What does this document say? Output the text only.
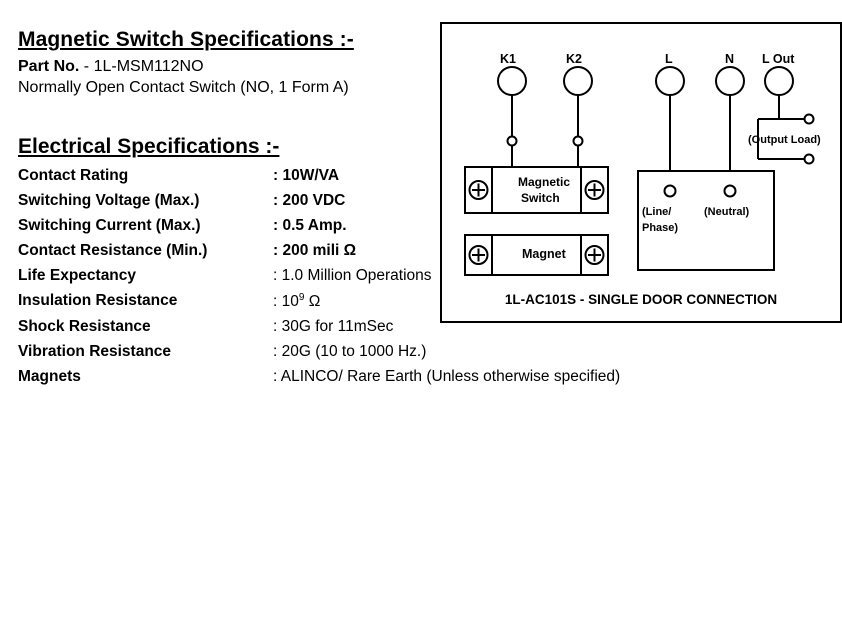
Magnetic Switch Specifications :-
Part No. - 1L-MSM112NO
Normally Open Contact Switch (NO, 1 Form A)
Electrical Specifications :-
Contact Rating	: 10W/VA
Switching Voltage (Max.)	: 200 VDC
Switching Current (Max.)	: 0.5 Amp.
Contact Resistance (Min.)	: 200 mili Ω
Life Expectancy	: 1.0 Million Operations
Insulation Resistance	: $10^9$ Ω
Shock Resistance	: 30G for 11mSec
Vibration Resistance	: 20G (10 to 1000 Hz.)
Magnets	: ALINCO/ Rare Earth (Unless otherwise specified)
K1	K2	L	N L Out
Magnetic
Switch
Magnet
(Output Load)
(Line/
Phase)
(Neutral)
1L-AC101S - SINGLE DOOR CONNECTION
